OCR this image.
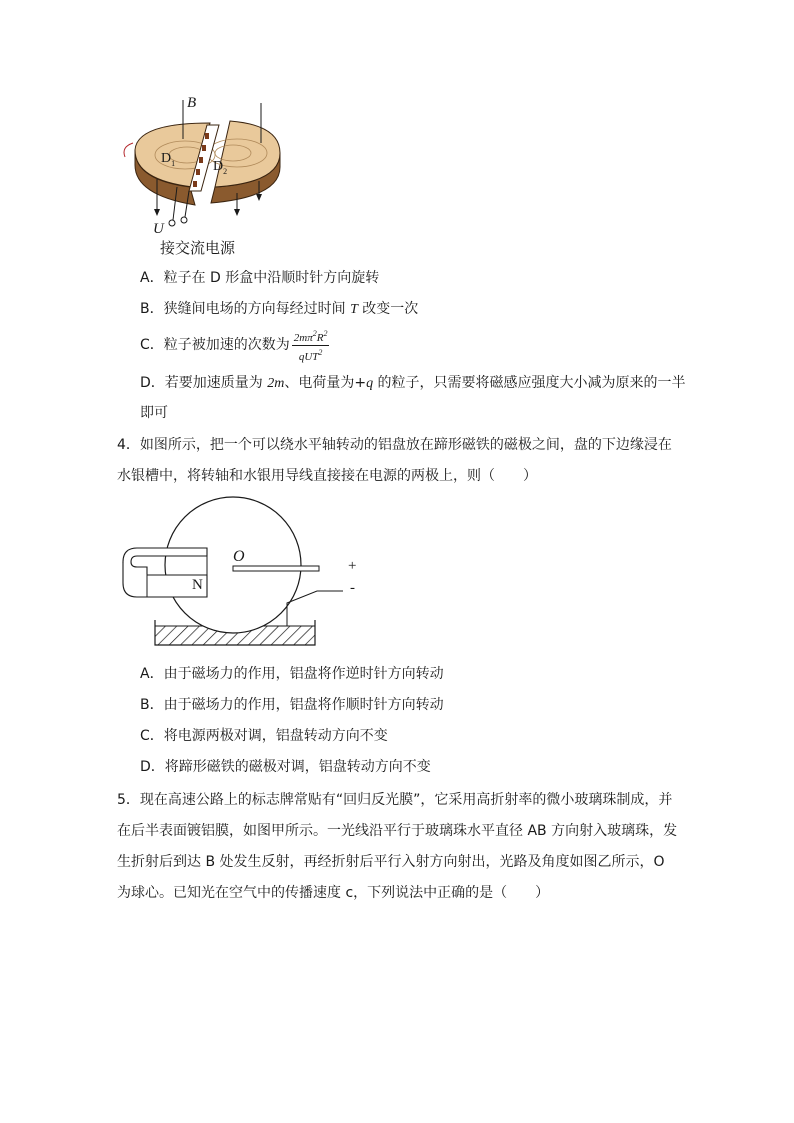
B
$D_1$	$D_2$
U
接交流电源
A．粒子在 D 形盒中沿顺时针方向旋转
B．狭缝间电场的方向每经过时间 T 改变一次
C．粒子被加速的次数为 $\frac{2m\pi^2R^2}{qUT^2}$
D．若要加速质量为 2m、电荷量为+q 的粒子，只需要将磁感应强度大小减为原来的一半
即可
4．如图所示，把一个可以绕水平轴转动的铝盘放在蹄形磁铁的磁极之间，盘的下边缘浸在
水银槽中，将转轴和水银用导线直接接在电源的两极上，则（　　）
O
N
+
-
A．由于磁场力的作用，铝盘将作逆时针方向转动
B．由于磁场力的作用，铝盘将作顺时针方向转动
C．将电源两极对调，铝盘转动方向不变
D．将蹄形磁铁的磁极对调，铝盘转动方向不变
5．现在高速公路上的标志牌常贴有“回归反光膜”，它采用高折射率的微小玻璃珠制成，并
在后半表面镀铝膜，如图甲所示。一光线沿平行于玻璃珠水平直径 AB 方向射入玻璃珠，发
生折射后到达 B 处发生反射，再经折射后平行入射方向射出，光路及角度如图乙所示，O
为球心。已知光在空气中的传播速度 c，下列说法中正确的是（　　）
